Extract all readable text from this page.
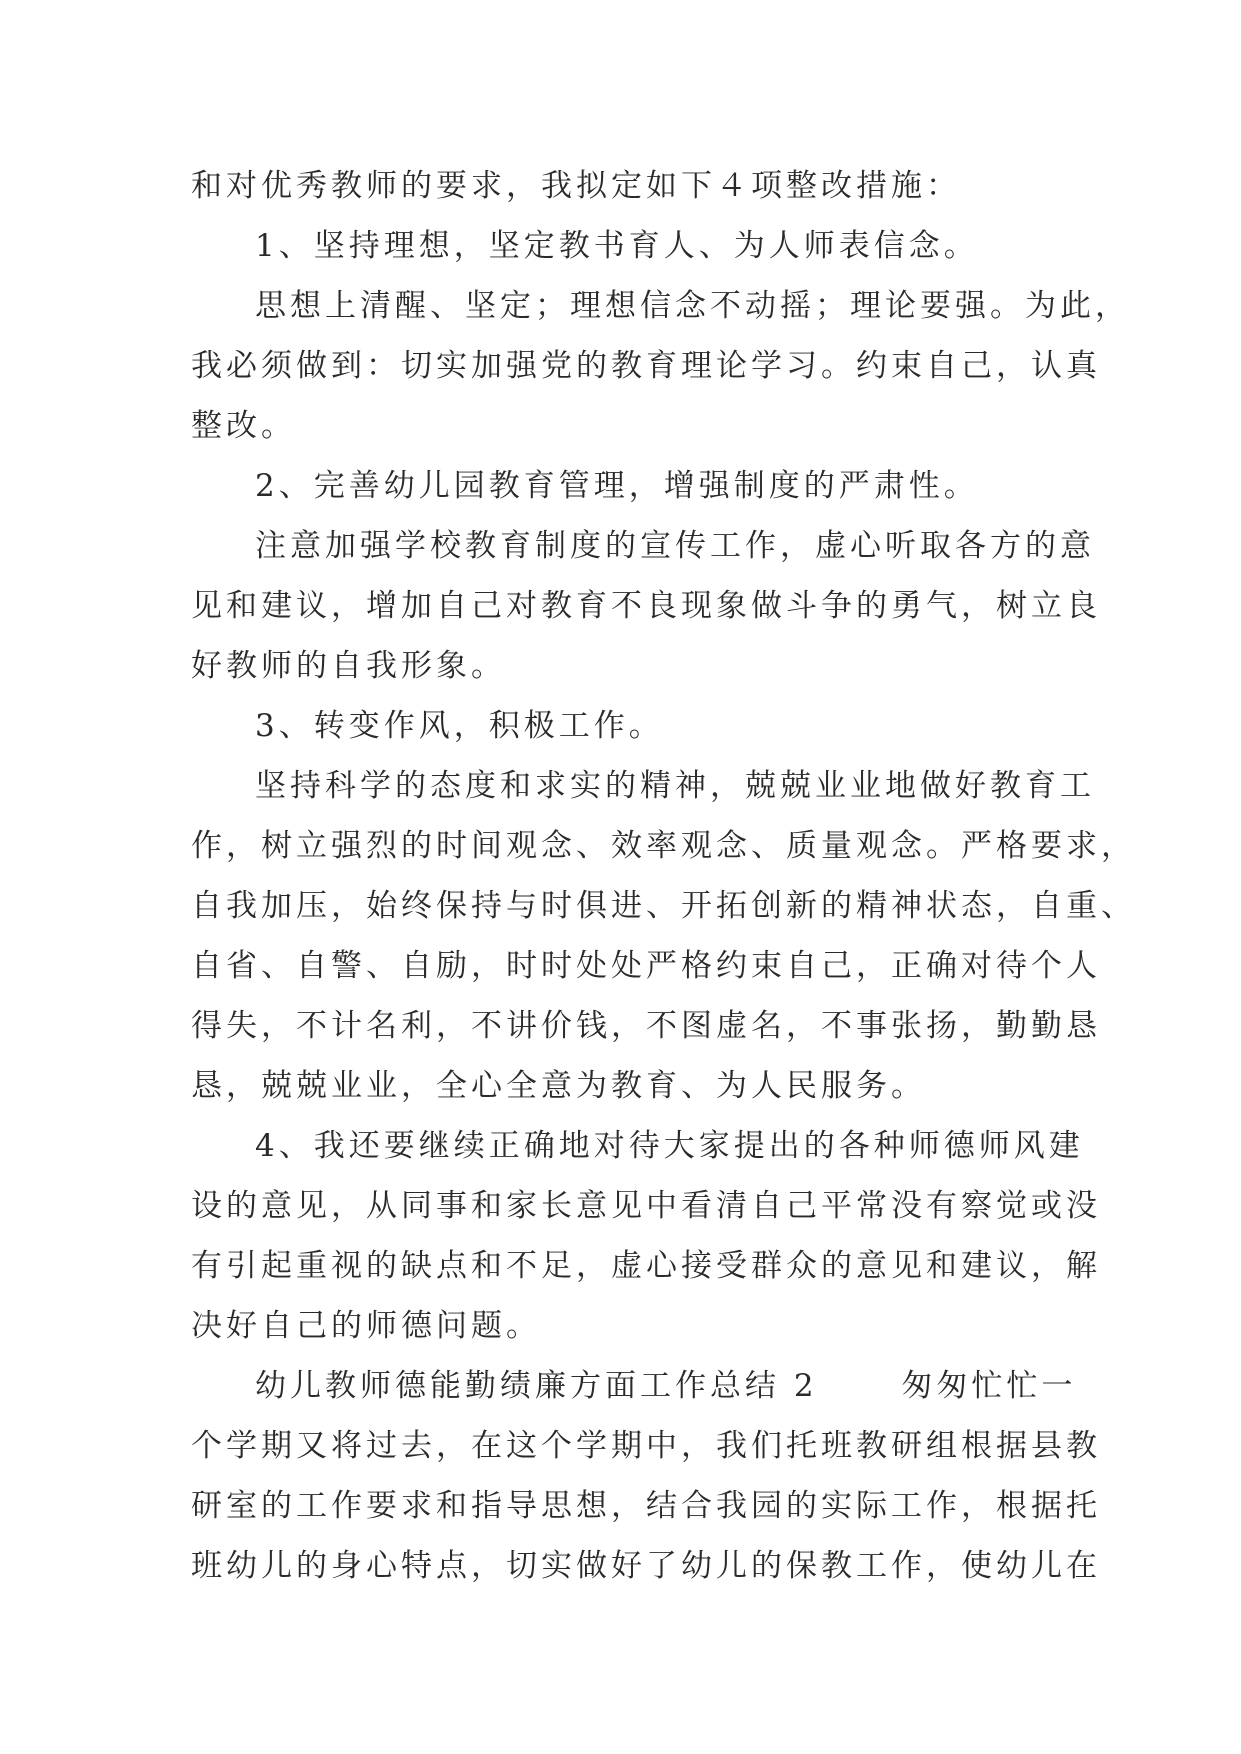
和对优秀教师的要求，我拟定如下４项整改措施：
1、坚持理想，坚定教书育人、为人师表信念。
思想上清醒、坚定；理想信念不动摇；理论要强。为此，
我必须做到：切实加强党的教育理论学习。约束自己，认真
整改。
2、完善幼儿园教育管理，增强制度的严肃性。
注意加强学校教育制度的宣传工作，虚心听取各方的意
见和建议，增加自己对教育不良现象做斗争的勇气，树立良
好教师的自我形象。
3、转变作风，积极工作。
坚持科学的态度和求实的精神，兢兢业业地做好教育工
作，树立强烈的时间观念、效率观念、质量观念。严格要求，
自我加压，始终保持与时俱进、开拓创新的精神状态，自重、
自省、自警、自励，时时处处严格约束自己，正确对待个人
得失，不计名利，不讲价钱，不图虚名，不事张扬，勤勤恳
恳，兢兢业业，全心全意为教育、为人民服务。
4、我还要继续正确地对待大家提出的各种师德师风建
设的意见，从同事和家长意见中看清自己平常没有察觉或没
有引起重视的缺点和不足，虚心接受群众的意见和建议，解
决好自己的师德问题。
幼儿教师德能勤绩廉方面工作总结 2 　　匆匆忙忙一
个学期又将过去，在这个学期中，我们托班教研组根据县教
研室的工作要求和指导思想，结合我园的实际工作，根据托
班幼儿的身心特点，切实做好了幼儿的保教工作，使幼儿在
